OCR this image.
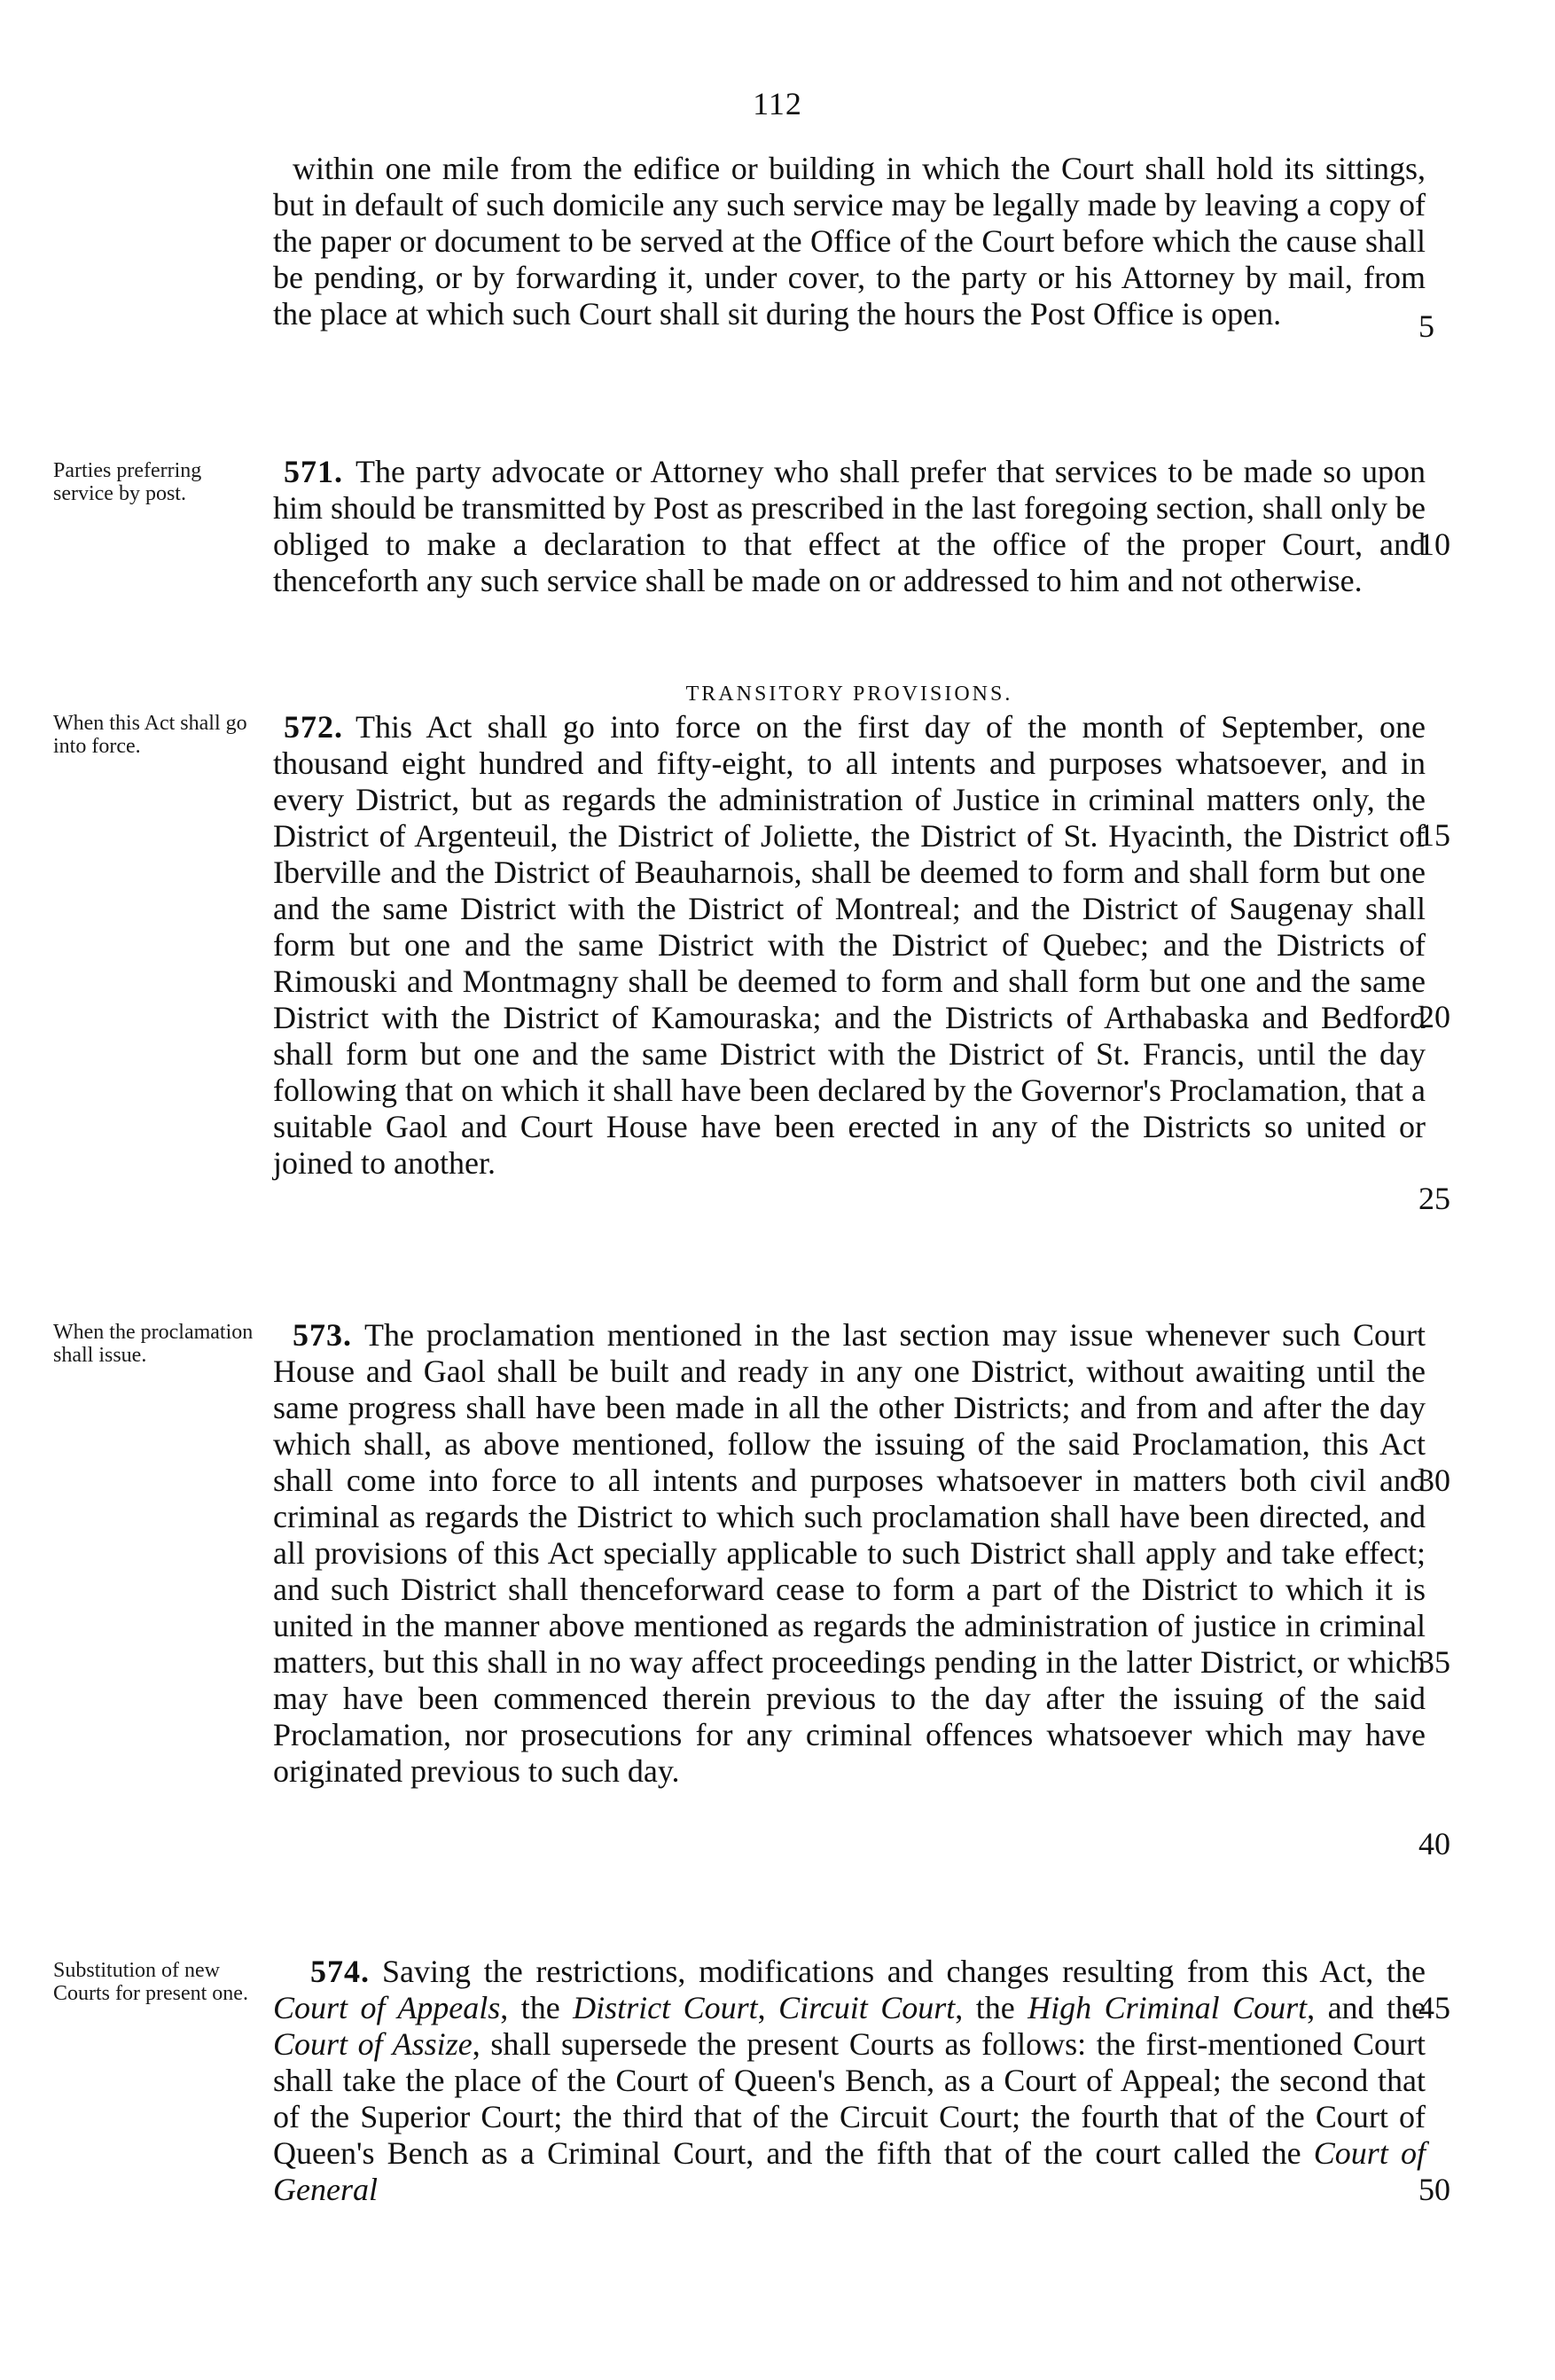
112

within one mile from the edifice or building in which the Court shall hold its sittings, but in default of such domicile any such service may be legally made by leaving a copy of the paper or document to be served at the Office of the Court before which the cause shall be pending, or by forwarding it, under cover, to the party or his Attorney by mail, from the place at which such Court shall sit during the hours the Post Office is open.

Parties preferring service by post.

571. The party advocate or Attorney who shall prefer that services to be made so upon him should be transmitted by Post as prescribed in the last foregoing section, shall only be obliged to make a declaration to that effect at the office of the proper Court, and thenceforth any such service shall be made on or addressed to him and not otherwise.

TRANSITORY PROVISIONS.
When this Act shall go into force.

572. This Act shall go into force on the first day of the month of September, one thousand eight hundred and fifty-eight, to all intents and purposes whatsoever, and in every District, but as regards the administration of Justice in criminal matters only, the District of Argenteuil, the District of Joliette, the District of St. Hyacinth, the District of Iberville and the District of Beauharnois, shall be deemed to form and shall form but one and the same District with the District of Montreal; and the District of Saugenay shall form but one and the same District with the District of Quebec; and the Districts of Rimouski and Montmagny shall be deemed to form and shall form but one and the same District with the District of Kamouraska; and the Districts of Arthabaska and Bedford shall form but one and the same District with the District of St. Francis, until the day following that on which it shall have been declared by the Governor's Proclamation, that a suitable Gaol and Court House have been erected in any of the Districts so united or joined to another.

When the proclamation shall issue.

573. The proclamation mentioned in the last section may issue whenever such Court House and Gaol shall be built and ready in any one District, without awaiting until the same progress shall have been made in all the other Districts; and from and after the day which shall, as above mentioned, follow the issuing of the said Proclamation, this Act shall come into force to all intents and purposes whatsoever in matters both civil and criminal as regards the District to which such proclamation shall have been directed, and all provisions of this Act specially applicable to such District shall apply and take effect; and such District shall thenceforward cease to form a part of the District to which it is united in the manner above mentioned as regards the administration of justice in criminal matters, but this shall in no way affect proceedings pending in the latter District, or which may have been commenced therein previous to the day after the issuing of the said Proclamation, nor prosecutions for any criminal offences whatsoever which may have originated previous to such day.

Substitution of new Courts for present one.

574. Saving the restrictions, modifications and changes resulting from this Act, the Court of Appeals, the District Court, Circuit Court, the High Criminal Court, and the Court of Assize, shall supersede the present Courts as follows: the first-mentioned Court shall take the place of the Court of Queen's Bench, as a Court of Appeal; the second that of the Superior Court; the third that of the Circuit Court; the fourth that of the Court of Queen's Bench as a Criminal Court, and the fifth that of the court called the Court of General

5
10
15
20
25
30
35
40
45
50
